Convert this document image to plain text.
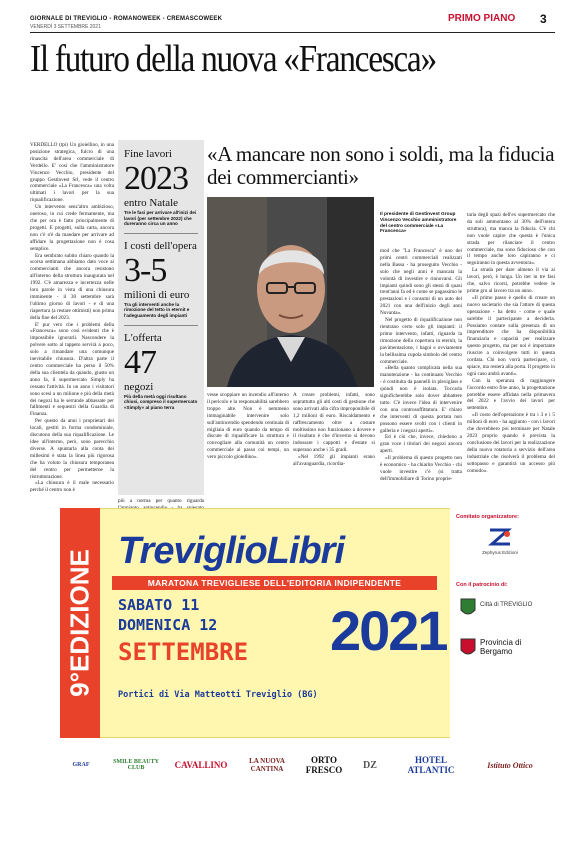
GIORNALE DI TREVIGLIO - ROMANOWEEK - CREMASCOWEEK
VENERDÌ 3 SETTEMBRE 2021
PRIMO PIANO 3
Il futuro della nuova «Francesca»

VERDELLO (tpi) Un gioiellino, in una posizione strategica, fulcro di una rinascita dell'area commerciale di Verdello. E' così che l'amministratore Vincenzo Vecchio, presidente del gruppo Gestinvest Srl, vede il centro commerciale «La Francesca» una volta ultimati i lavori per la sua riqualificazione.

Un intervento senz'altro ambizioso, oneroso, in cui crede fermamente, ma che per ora è fatto principalmente di progetti. E progetti, sulla carta, ancora non c'è n'è da mandare per arrivare ad affidare la progettazione non è cosa semplice.

Era sembrato subito chiaro quando la scorsa settimana abbiamo dato voce ai commercianti che ancora resistono all'interno della struttura inaugurata nel 1992. C'è amarezza e incertezza nelle loro parole in vista di una chiusura imminente - il 30 settembre sarà l'ultimo giorno di lavori - e di una riapertura (a restare ottimisti) non prima della fine del 2023.

E' pur vero che i problemi della «Francesca» sono così evidenti che è impossibile ignorarli. Nascondere la polvere sotto al tappeto servirà a poco, solo a rimandare una comunque inevitabile chiusura. D'altra parte il centro commerciale ha perso il 50% della sua clientela da quando, giusto un anno fa, il supermercato Simply ha cessato l'attività. In un anno i visitatori sono scesi a un milione e più della metà dei negozi ha le serrande abbassate per fallimenti e sequestri della Guardia di Finanza.

Per questo da anni i proprietari dei locali, gestiti in forma condominiale, discutono della sua riqualificazione. Le idee all'interno, però, sono parecchio diverse. A spuntarla alla conta dei millesimi è stata la linea più rigorosa che ha voluto la chiusura temporanea del centro per permetterne la ristrutturazione.

«La chiusura è il male necessario perché il centro non è

Fine lavori
2023
entro Natale
Tre le fasi per arrivare all'inizi dei lavori (per settembre 2022) che dureranno circa un anno
I costi dell'opera
3-5
milioni di euro
Tra gli interventi anche la rimozione del tetto in eternit e l'adeguamento degli impianti
L'offerta
47
negozi
Più della metà oggi risultano chiusi, compreso il supermercato «Simply» al piano terra
«A mancare non sono i soldi, ma la fiducia dei commercianti»
Il presidente di Gestinvest Group Vincenzo Vecchio amministratore del centro commerciale «La Francesca»

più a norma per quanto riguarda

vesse scoppiare un incendio all'interno il pericolo e la responsabilità sarebbero troppo alte. Non è nemmeno immaginabile intervenire solo sull'antincendio spendendo centinaia di migliaia di euro quando da tempo di discute di riqualificare la struttura e convogliare alla comunità un centro commerciale al passo coi tempi, un vero piccolo gioiellino».

A creare problemi, infatti, sono soprattutto gli alti costi di gestione che sono arrivati alla cifra improponibile di 1,2 milioni di euro. Riscaldamento e raffrescamento oltre a costare moltissimo non funzionano a dovere e il risultato è che d'inverno si devono indossare i cappotti e d'estate si superano anche i 35 gradi.

«Nel 1992 gli impianti erano all'avanguardia, ricordia-

mod che "La Francesca" è uno dei primi centri commerciali realizzati nella Bassa - ha proseguito Vecchio - solo che negli anni è mancata la volontà di investire e rinnovarsi. Gli impianti quindi sono gli stessi di quasi trent'anni fa ed è come se pagassimo le prestazioni e i consumi di un auto del 2021 con una dell'inizio degli anni Novanta».

Nel progetto di riqualificazione non rientrano certo solo gli impianti: il primo intervento, infatti, riguarda la rimozione della copertura in eternit, la pavimentazione, i bagni e ovviamente la bellissima cupola simbolo del centro commerciale.

«Bella quanto complicata nella sua manutenzione - ha continuato Vecchio - è costituita da pannelli in plexiglass e quindi non è isolata. Toccarla significherebbe solo dover abbattere tutto. C'è invece l'idea di intervenire con una controsoffittatura. E' chiaro che interventi di questa portata non possono essere svolti con i clienti in galleria e i negozi aperti».

Ed è ciò che, invece, chiedono a gran voce i titolari dei negozi ancora aperti.

«Il problema di questo progetto non è economico - ha chiarito Vecchio - chi vuole investire c'è (si tratta dell'immobiliare di Torino proprie-

taria degli spazi dell'ex supermercato che da soli ammontano al 30% dell'intera struttura), ma manca la fiducia. C'è chi non vuole capire che questa è l'unica strada per rilanciare il centro commerciale, ma sono fiducioso che con il tempo anche loro capiranno e ci seguiranno in questa avventura».

La strada per dare almeno il via ai lavori, però, è lunga. Un iter in tre fasi che, salvo ricorsi, potrebbe vedere le prime gru al lavoro tra un anno.

«Il primo passo è quello di creare un nuovo societario che sia l'attore di questa operazione - ha detto - come e quale sarebbe il partecipante a deciderla. Possiamo contare sulla presenza di un imprenditore che ha disponibilità finanziaria e capacità per realizzare questo progetto, ma per noi è importante riuscire a coinvolgere tutti in questa cordata. Chi non vorrà partecipare, ci spiace, ma resterà alla porta. Il progetto in ogni caso andrà avanti».

Con la speranza di raggiungere l'accordo entro fine anno, la progettazione potrebbe essere affidata nella primavera del 2022 e l'avvio dei lavori per settembre.

«Il costo dell'operazione è tra i 3 e i 5 milioni di euro - ha aggiunto - con i lavori che dovrebbero poi terminare per Natale 2023 proprio quando è prevista la conclusione dei lavori per la realizzazione della nuova rotatoria a servizio dell'area industriale che risolverà il problema del sottopasso e garantirà un accesso più comodo».

9°EDIZIONE TreviglioLibri
MARATONA TREVIGLIESE DELL'EDITORIA INDIPENDENTE
SABATO 11
DOMENICA 12
SETTEMBRE 2021
Portici di Via Matteotti Treviglio (BG)
Comitato organizzatore:
Zephyrus Edizioni
Con il patrocinio di:
Città di TREVIGLIO
Provincia di Bergamo
GRAF	SMILE BEAUTY CLUB	CAVALLINO	LA NUOVA CANTINA
ORTO FRESCO	DZ	HOTEL ATLANTIC	Istituto Ottico
